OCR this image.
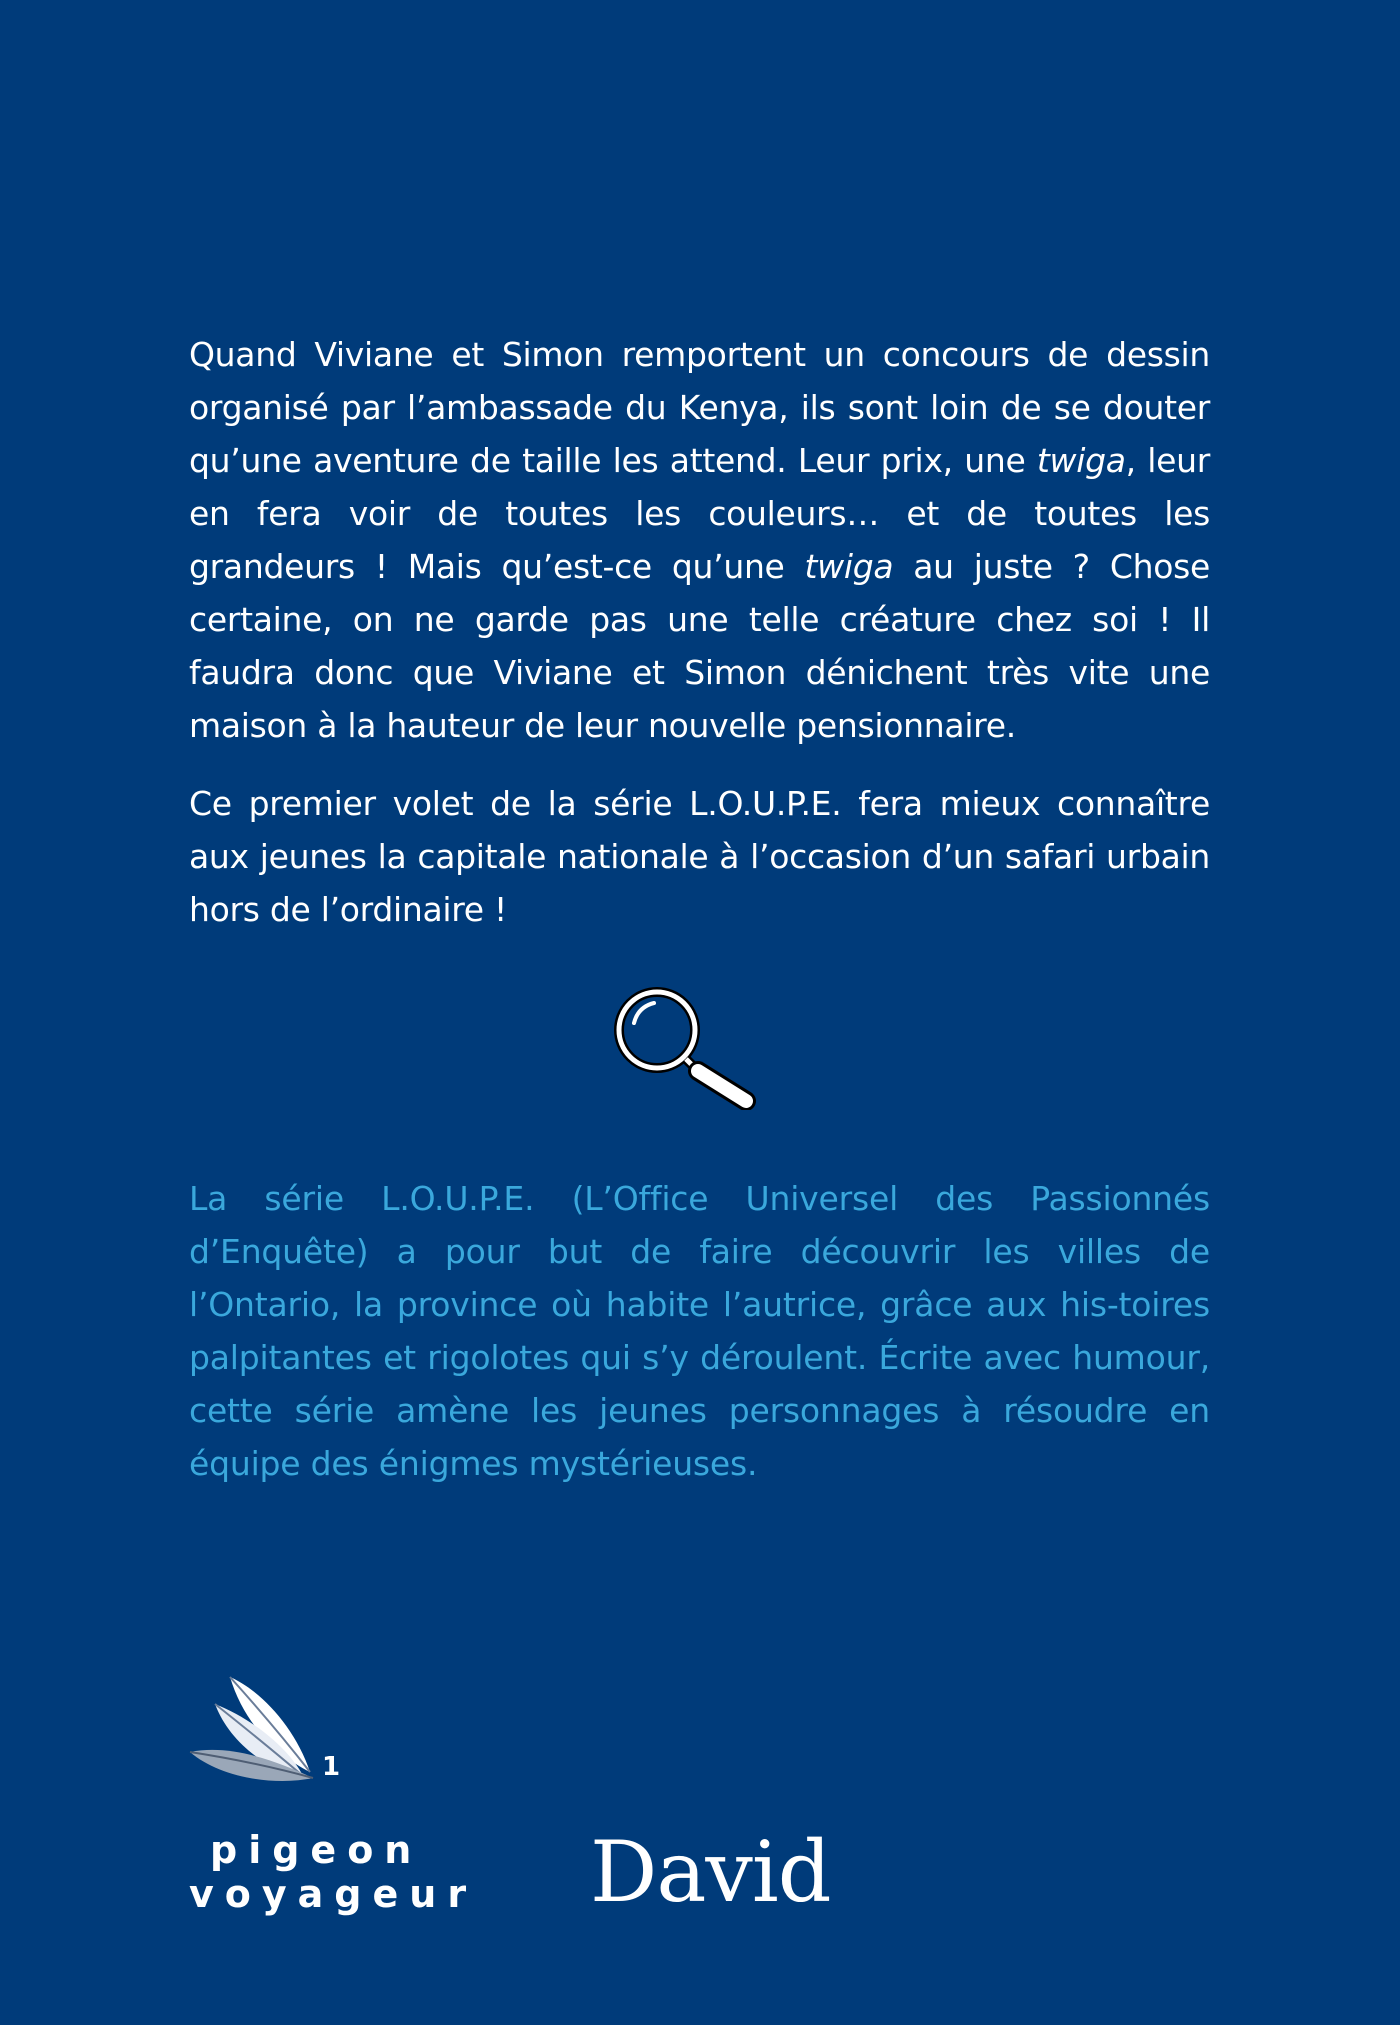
Quand Viviane et Simon remportent un concours de dessin organisé par l’ambassade du Kenya, ils sont loin de se douter qu’une aventure de taille les attend. Leur prix, une twiga, leur en fera voir de toutes les couleurs… et de toutes les grandeurs ! Mais qu’est-ce qu’une twiga au juste ? Chose certaine, on ne garde pas une telle créature chez soi ! Il faudra donc que Viviane et Simon dénichent très vite une maison à la hauteur de leur nouvelle pensionnaire.

Ce premier volet de la série L.O.U.P.E. fera mieux connaître aux jeunes la capitale nationale à l’occasion d’un safari urbain hors de l’ordinaire !

La série L.O.U.P.E. (L’Office Universel des Passionnés d’Enquête) a pour but de faire découvrir les villes de l’Ontario, la province où habite l’autrice, grâce aux his-toires palpitantes et rigolotes qui s’y déroulent. Écrite avec humour, cette série amène les jeunes personnages à résoudre en équipe des énigmes mystérieuses.

1
pigeon
voyageur David
